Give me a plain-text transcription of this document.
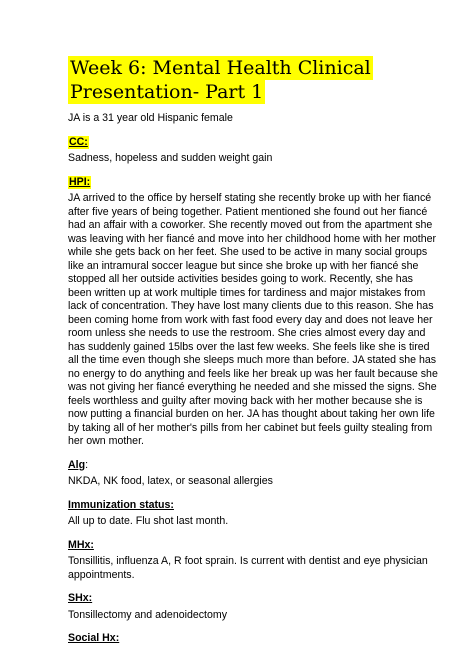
Week 6: Mental Health Clinical
Presentation- Part 1

JA is a 31 year old Hispanic female

CC:

Sadness, hopeless and sudden weight gain

HPI:

JA arrived to the office by herself stating she recently broke up with her fiancé after five years of being together. Patient mentioned she found out her fiancé had an affair with a coworker. She recently moved out from the apartment she was leaving with her fiancé and move into her childhood home with her mother while she gets back on her feet. She used to be active in many social groups like an intramural soccer league but since she broke up with her fiancé she stopped all her outside activities besides going to work. Recently, she has been written up at work multiple times for tardiness and major mistakes from lack of concentration. They have lost many clients due to this reason. She has been coming home from work with fast food every day and does not leave her room unless she needs to use the restroom. She cries almost every day and has suddenly gained 15lbs over the last few weeks. She feels like she is tired all the time even though she sleeps much more than before. JA stated she has no energy to do anything and feels like her break up was her fault because she was not giving her fiancé everything he needed and she missed the signs. She feels worthless and guilty after moving back with her mother because she is now putting a financial burden on her. JA has thought about taking her own life by taking all of her mother's pills from her cabinet but feels guilty stealing from her own mother.

Alg:

NKDA, NK food, latex, or seasonal allergies

Immunization status:

All up to date. Flu shot last month.

MHx:

Tonsillitis, influenza A, R foot sprain. Is current with dentist and eye physician appointments.

SHx:

Tonsillectomy and adenoidectomy

Social Hx:
